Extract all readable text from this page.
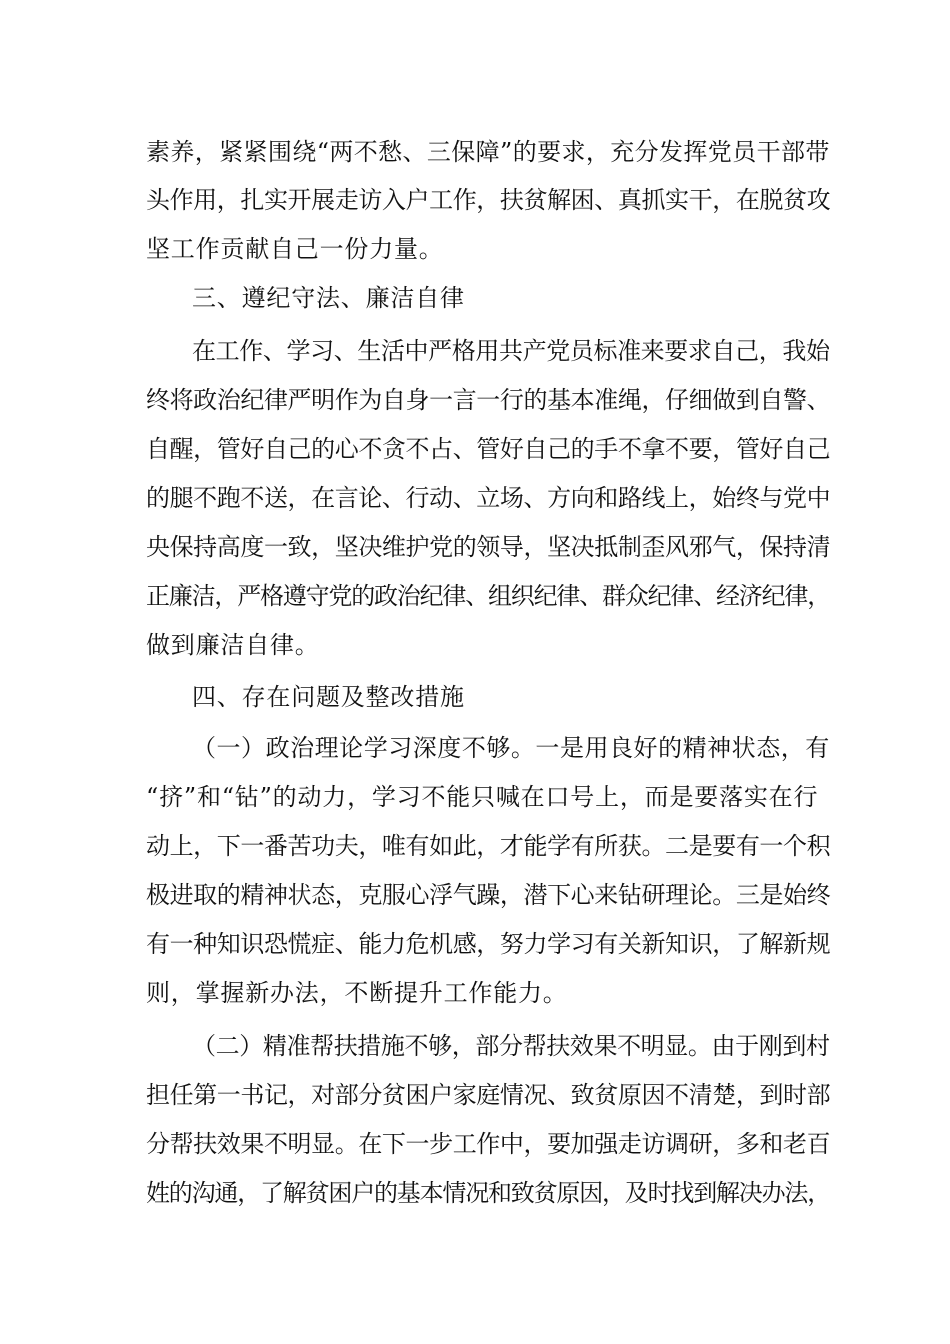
素养，紧紧围绕“两不愁、三保障”的要求，充分发挥党员干部带
头作用，扎实开展走访入户工作，扶贫解困、真抓实干，在脱贫攻
坚工作贡献自己一份力量。
三、遵纪守法、廉洁自律
在工作、学习、生活中严格用共产党员标准来要求自己，我始
终将政治纪律严明作为自身一言一行的基本准绳，仔细做到自警、
自醒，管好自己的心不贪不占、管好自己的手不拿不要，管好自己
的腿不跑不送，在言论、行动、立场、方向和路线上，始终与党中
央保持高度一致，坚决维护党的领导，坚决抵制歪风邪气，保持清
正廉洁，严格遵守党的政治纪律、组织纪律、群众纪律、经济纪律，
做到廉洁自律。
四、存在问题及整改措施
（一）政治理论学习深度不够。一是用良好的精神状态，有
“挤”和“钻”的动力，学习不能只喊在口号上，而是要落实在行
动上，下一番苦功夫，唯有如此，才能学有所获。二是要有一个积
极进取的精神状态，克服心浮气躁，潜下心来钻研理论。三是始终
有一种知识恐慌症、能力危机感，努力学习有关新知识，了解新规
则，掌握新办法，不断提升工作能力。
（二）精准帮扶措施不够，部分帮扶效果不明显。由于刚到村
担任第一书记，对部分贫困户家庭情况、致贫原因不清楚，到时部
分帮扶效果不明显。在下一步工作中，要加强走访调研，多和老百
姓的沟通，了解贫困户的基本情况和致贫原因，及时找到解决办法，
